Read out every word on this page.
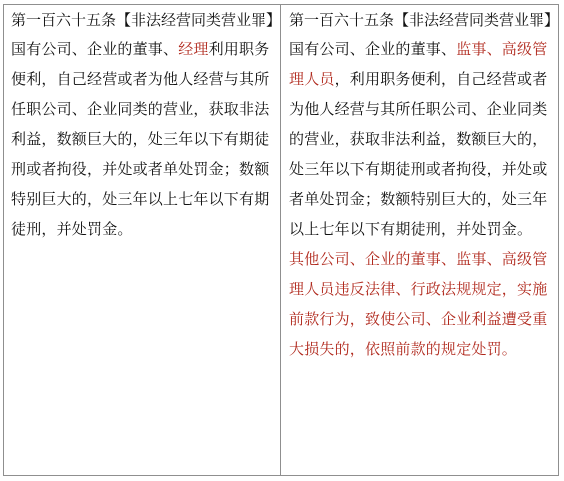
第一百六十五条【非法经营同类营业罪】
国有公司、企业的董事、经理利用职务便利，自己经营或者为他人经营与其所任职公司、企业同类的营业，获取非法利益，数额巨大的，处三年以下有期徒刑或者拘役，并处或者单处罚金；数额特别巨大的，处三年以上七年以下有期徒刑，并处罚金。
第一百六十五条【非法经营同类营业罪】
国有公司、企业的董事、监事、高级管理人员，利用职务便利，自己经营或者为他人经营与其所任职公司、企业同类的营业，获取非法利益，数额巨大的，处三年以下有期徒刑或者拘役，并处或者单处罚金；数额特别巨大的，处三年以上七年以下有期徒刑，并处罚金。
其他公司、企业的董事、监事、高级管理人员违反法律、行政法规规定，实施前款行为，致使公司、企业利益遭受重大损失的，依照前款的规定处罚。
